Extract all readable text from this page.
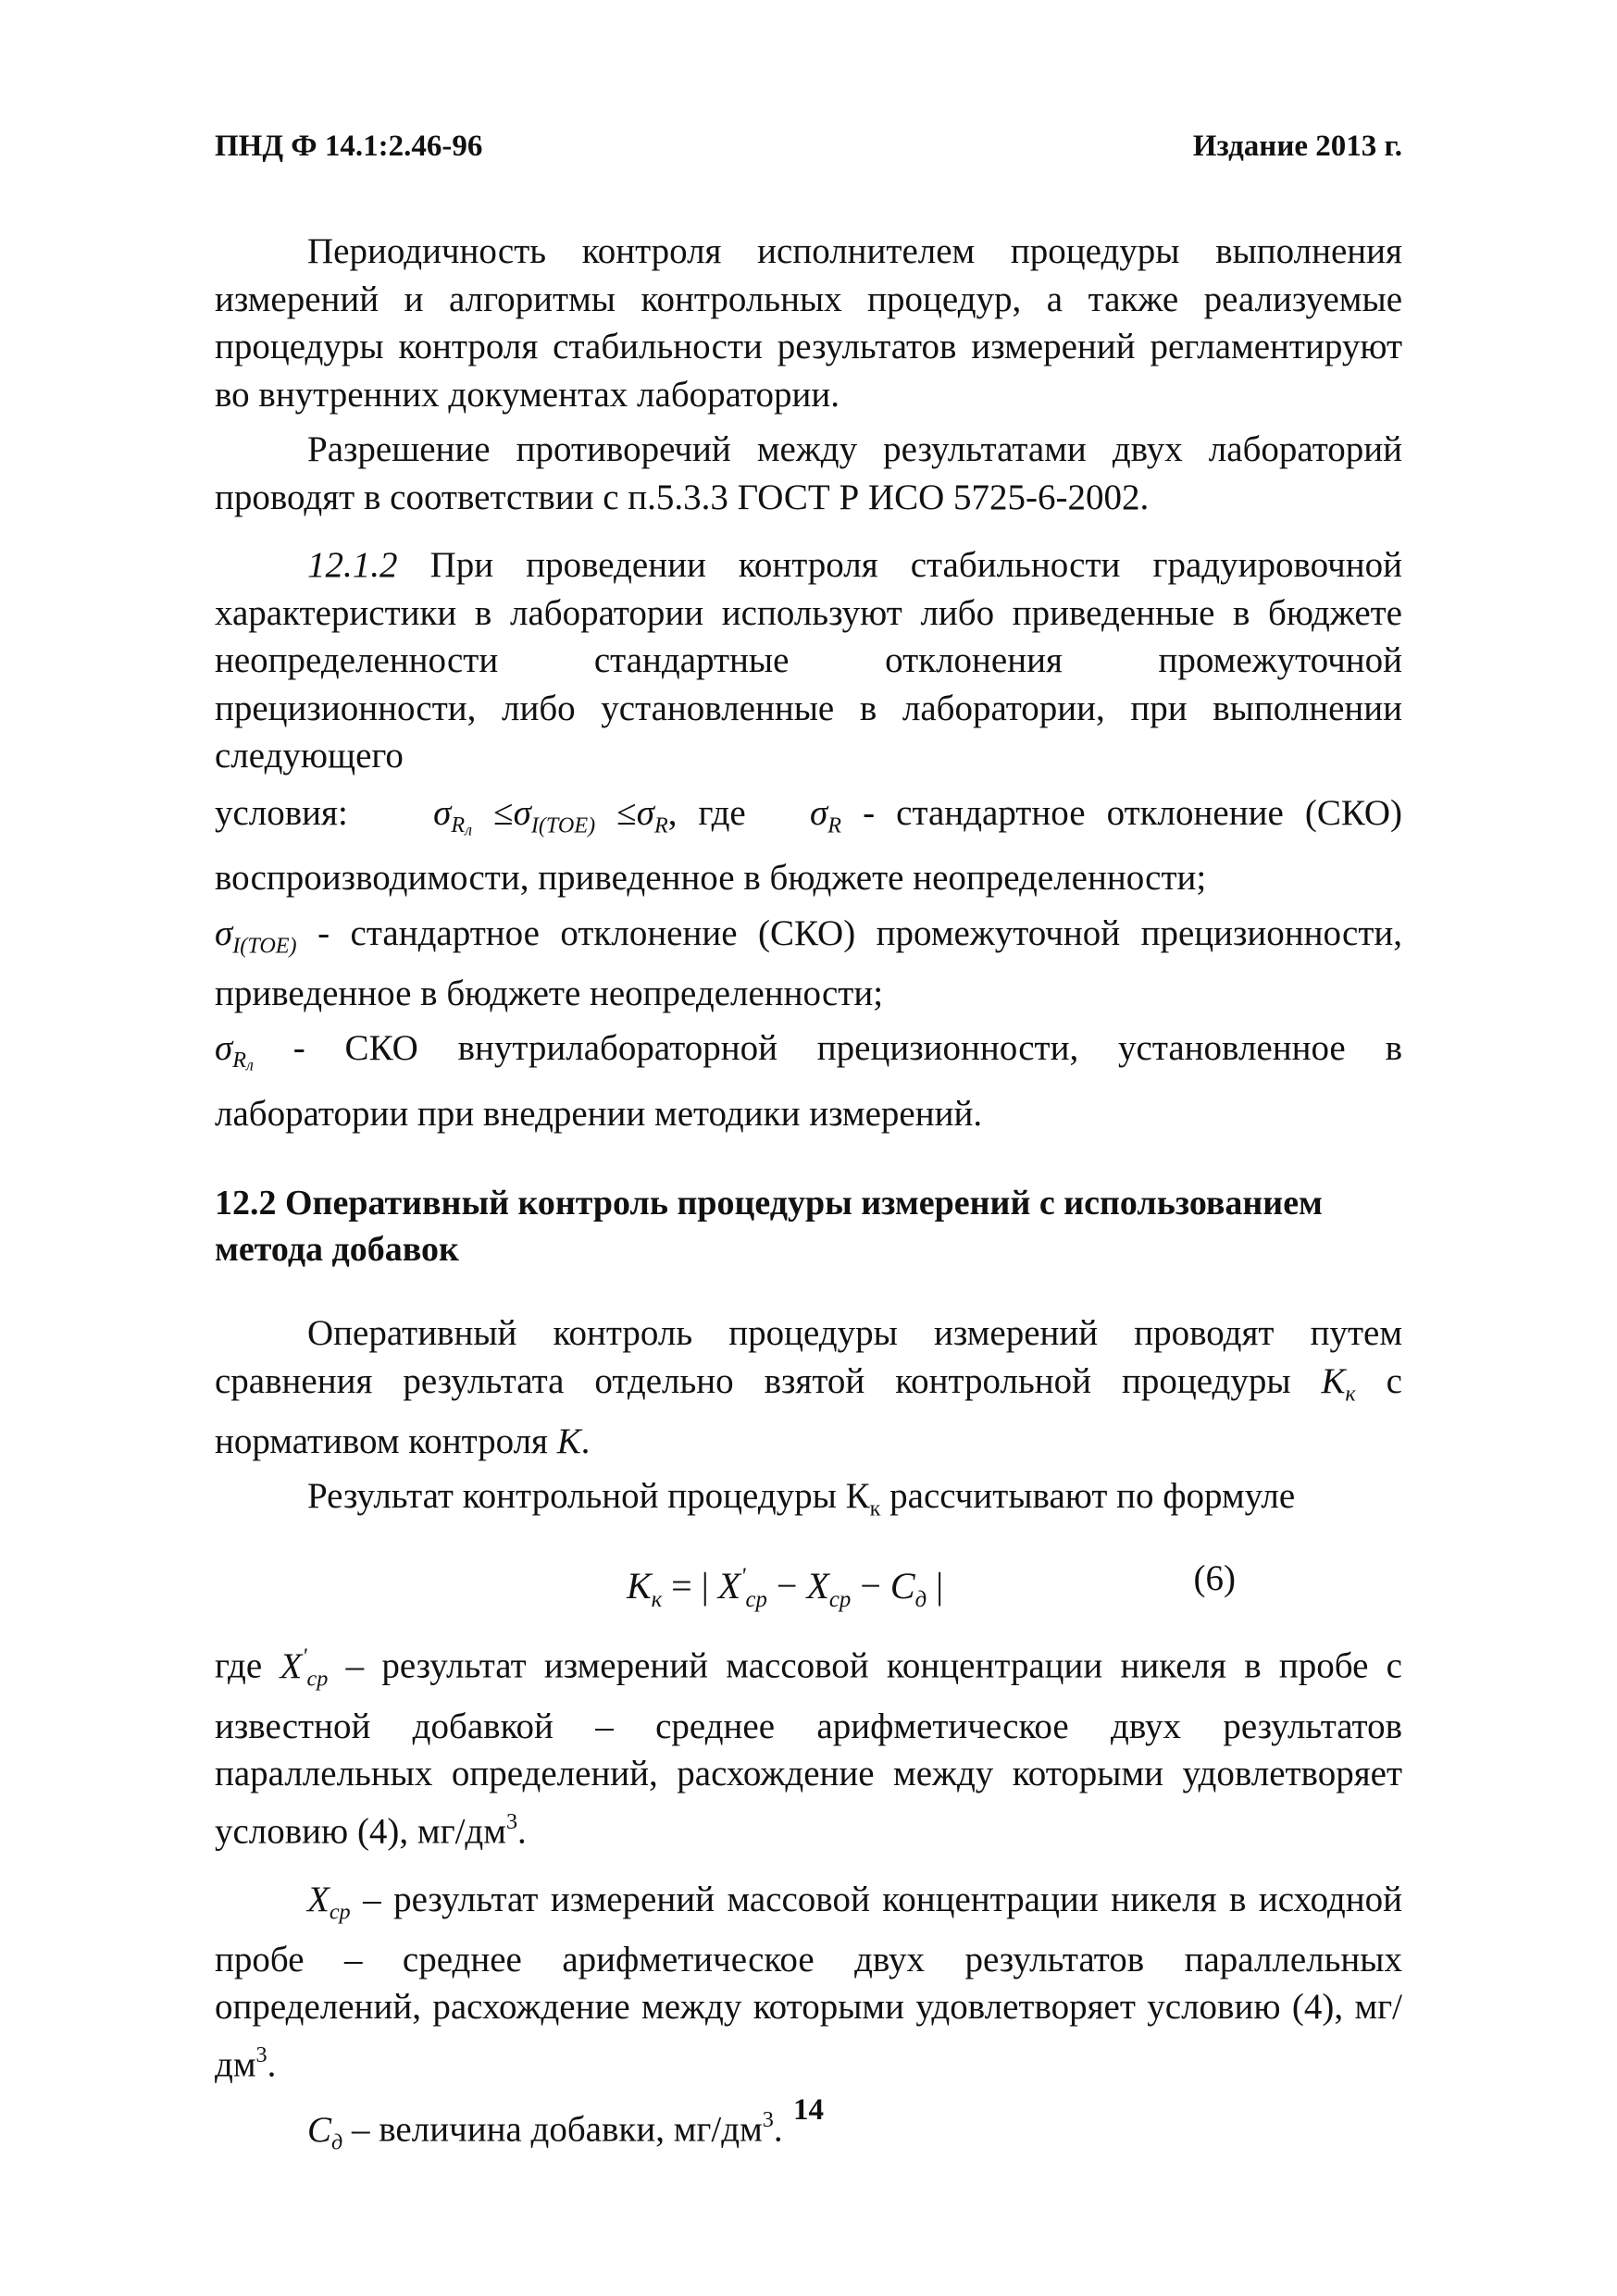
ПНД Ф 14.1:2.46-96	Издание 2013 г.

Периодичность контроля исполнителем процедуры выполнения измерений и алгоритмы контрольных процедур, а также реализуемые процедуры контроля стабильности результатов измерений регламентируют во внутренних документах лаборатории.

Разрешение противоречий между результатами двух лабораторий проводят в соответствии с п.5.3.3 ГОСТ Р ИСО 5725-6-2002.

12.1.2 При проведении контроля стабильности градуировочной характеристики в лаборатории используют либо приведенные в бюджете неопределенности стандартные отклонения промежуточной прецизионности, либо установленные в лаборатории, при выполнении следующего

условия: $\sigma_{Rл} \le\sigma_{I(TOE)} \le\sigma_R$, где $\sigma_R$ - стандартное отклонение (СКО) воспроизводимости, приведенное в бюджете неопределенности;

$\sigma_{I(TOE)}$ - стандартное отклонение (СКО) промежуточной прецизионности, приведенное в бюджете неопределенности;

$\sigma_{Rл}$ - СКО внутрилабораторной прецизионности, установленное в лаборатории при внедрении методики измерений.

12.2 Оперативный контроль процедуры измерений с использованием метода добавок

Оперативный контроль процедуры измерений проводят путем сравнения результата отдельно взятой контрольной процедуры $К_к$ с нормативом контроля К.

Результат контрольной процедуры $К_к$ рассчитывают по формуле

$К_к$ = | $X'_{ср} - X_{ср} - C_д$ |	(6)

где $X'_{ср}$ – результат измерений массовой концентрации никеля в пробе с известной добавкой – среднее арифметическое двух результатов параллельных определений, расхождение между которыми удовлетворяет условию (4), $мг/дм^3$.

$X_{ср}$ – результат измерений массовой концентрации никеля в исходной пробе – среднее арифметическое двух результатов параллельных определений, расхождение между которыми удовлетворяет условию (4), $мг/дм^3$.

$C_д$ – величина добавки, $мг/дм^3$. 14
